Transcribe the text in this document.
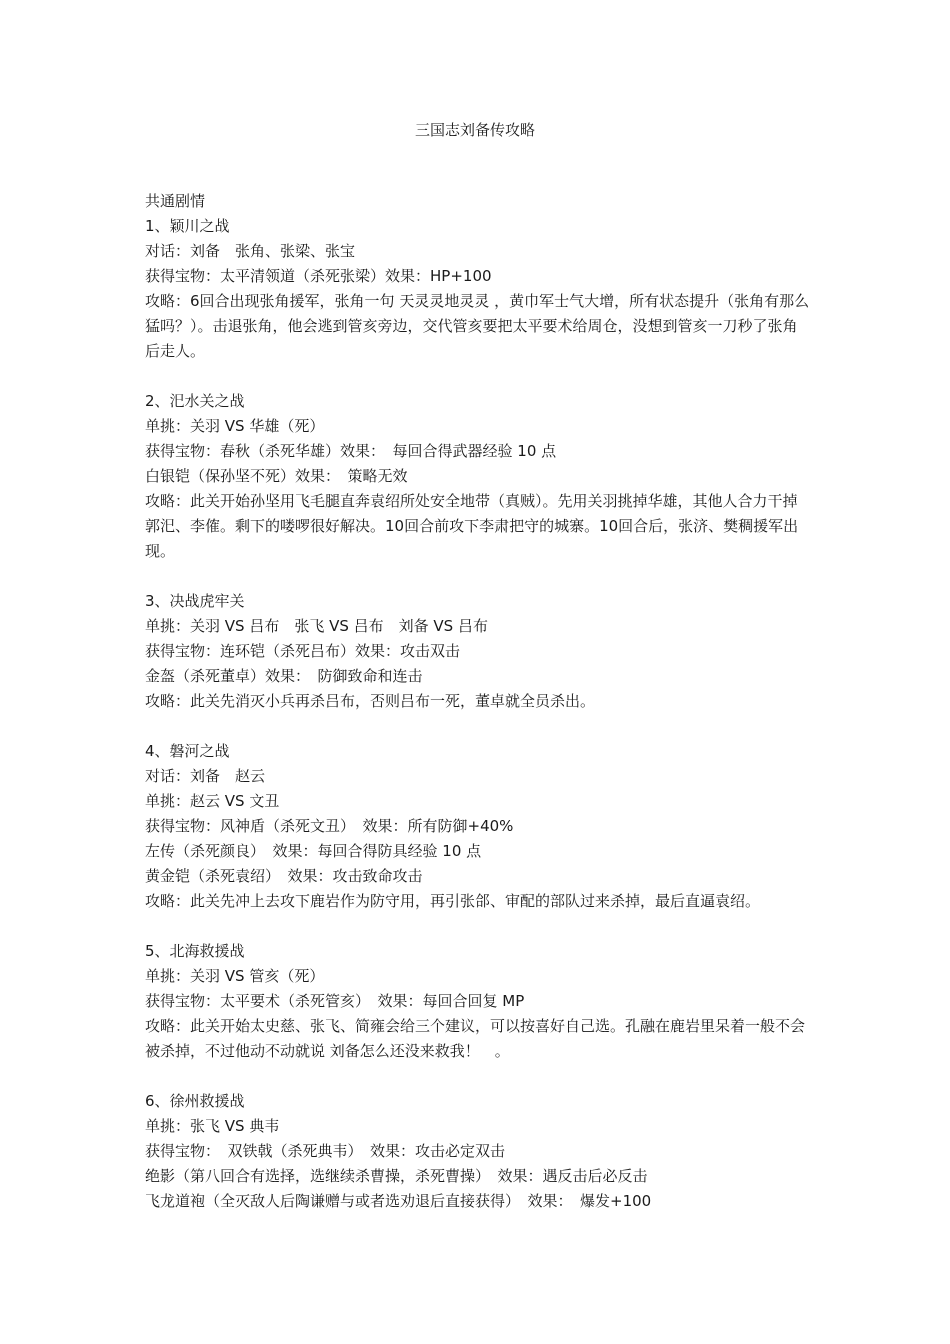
三国志刘备传攻略
共通剧情
1、颖川之战
对话：刘备　张角、张梁、张宝
获得宝物：太平清领道（杀死张梁）效果：HP+100
攻略：6回合出现张角援军，张角一句 天灵灵地灵灵 ，黄巾军士气大增，所有状态提升（张角有那么猛吗？）。击退张角，他会逃到管亥旁边，交代管亥要把太平要术给周仓，没想到管亥一刀秒了张角后走人。
2、汜水关之战
单挑：关羽 VS 华雄（死）
获得宝物：春秋（杀死华雄）效果：　每回合得武器经验 10 点
白银铠（保孙坚不死）效果：　策略无效
攻略：此关开始孙坚用飞毛腿直奔袁绍所处安全地带（真贼）。先用关羽挑掉华雄，其他人合力干掉郭汜、李傕。剩下的喽啰很好解决。10回合前攻下李肃把守的城寨。10回合后，张济、樊稠援军出现。
3、决战虎牢关
单挑：关羽 VS 吕布　张飞 VS 吕布　刘备 VS 吕布
获得宝物：连环铠（杀死吕布）效果：攻击双击
金盔（杀死董卓）效果：　防御致命和连击
攻略：此关先消灭小兵再杀吕布，否则吕布一死，董卓就全员杀出。
4、磐河之战
对话：刘备　赵云
单挑：赵云 VS 文丑
获得宝物：风神盾（杀死文丑）　效果：所有防御+40%
左传（杀死颜良）　效果：每回合得防具经验 10 点
黄金铠（杀死袁绍）　效果：攻击致命攻击
攻略：此关先冲上去攻下鹿岩作为防守用，再引张郃、审配的部队过来杀掉，最后直逼袁绍。
5、北海救援战
单挑：关羽 VS 管亥（死）
获得宝物：太平要术（杀死管亥）　效果：每回合回复 MP
攻略：此关开始太史慈、张飞、简雍会给三个建议，可以按喜好自己选。孔融在鹿岩里呆着一般不会被杀掉，不过他动不动就说 刘备怎么还没来救我！　。
6、徐州救援战
单挑：张飞 VS 典韦
获得宝物：　双铁戟（杀死典韦）　效果：攻击必定双击
绝影（第八回合有选择，选继续杀曹操，杀死曹操）　效果：遇反击后必反击
飞龙道袍（全灭敌人后陶谦赠与或者选劝退后直接获得）　效果：　爆发+100
